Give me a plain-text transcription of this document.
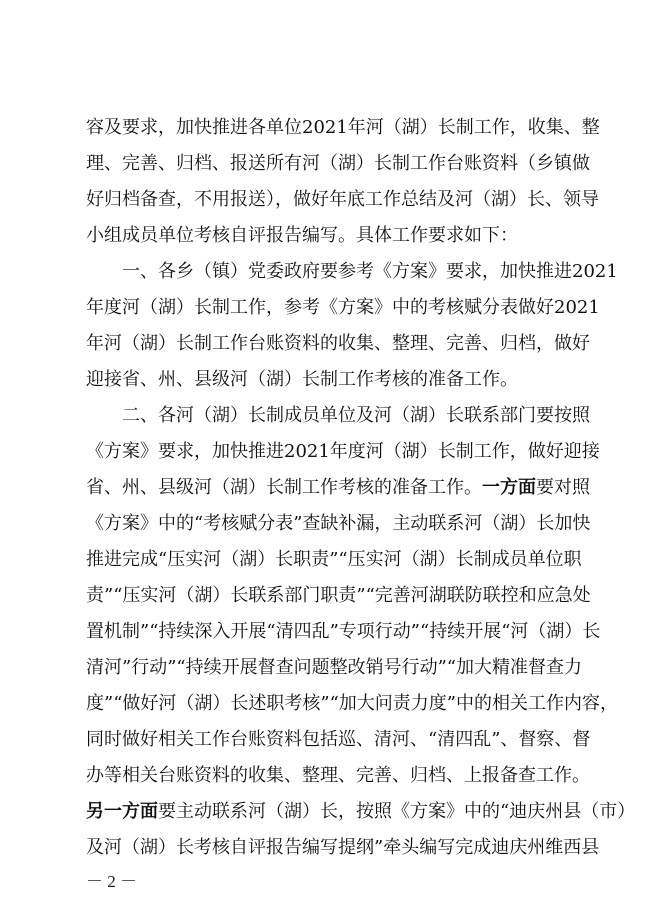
容及要求，加快推进各单位2021年河（湖）长制工作，收集、整
理、完善、归档、报送所有河（湖）长制工作台账资料（乡镇做
好归档备查，不用报送），做好年底工作总结及河（湖）长、领导
小组成员单位考核自评报告编写。具体工作要求如下：
一、各乡（镇）党委政府要参考《方案》要求，加快推进2021
年度河（湖）长制工作，参考《方案》中的考核赋分表做好2021
年河（湖）长制工作台账资料的收集、整理、完善、归档，做好
迎接省、州、县级河（湖）长制工作考核的准备工作。
二、各河（湖）长制成员单位及河（湖）长联系部门要按照
《方案》要求，加快推进2021年度河（湖）长制工作，做好迎接
省、州、县级河（湖）长制工作考核的准备工作。一方面要对照
《方案》中的“考核赋分表”查缺补漏，主动联系河（湖）长加快
推进完成“压实河（湖）长职责”“压实河（湖）长制成员单位职
责”“压实河（湖）长联系部门职责”“完善河湖联防联控和应急处
置机制”“持续深入开展“清四乱”专项行动”“持续开展“河（湖）长
清河”行动”“持续开展督查问题整改销号行动”“加大精准督查力
度”“做好河（湖）长述职考核”“加大问责力度”中的相关工作内容，
同时做好相关工作台账资料包括巡、清河、“清四乱”、督察、督
办等相关台账资料的收集、整理、完善、归档、上报备查工作。
另一方面要主动联系河（湖）长，按照《方案》中的“迪庆州县（市）
及河（湖）长考核自评报告编写提纲”牵头编写完成迪庆州维西县
－ 2 －
